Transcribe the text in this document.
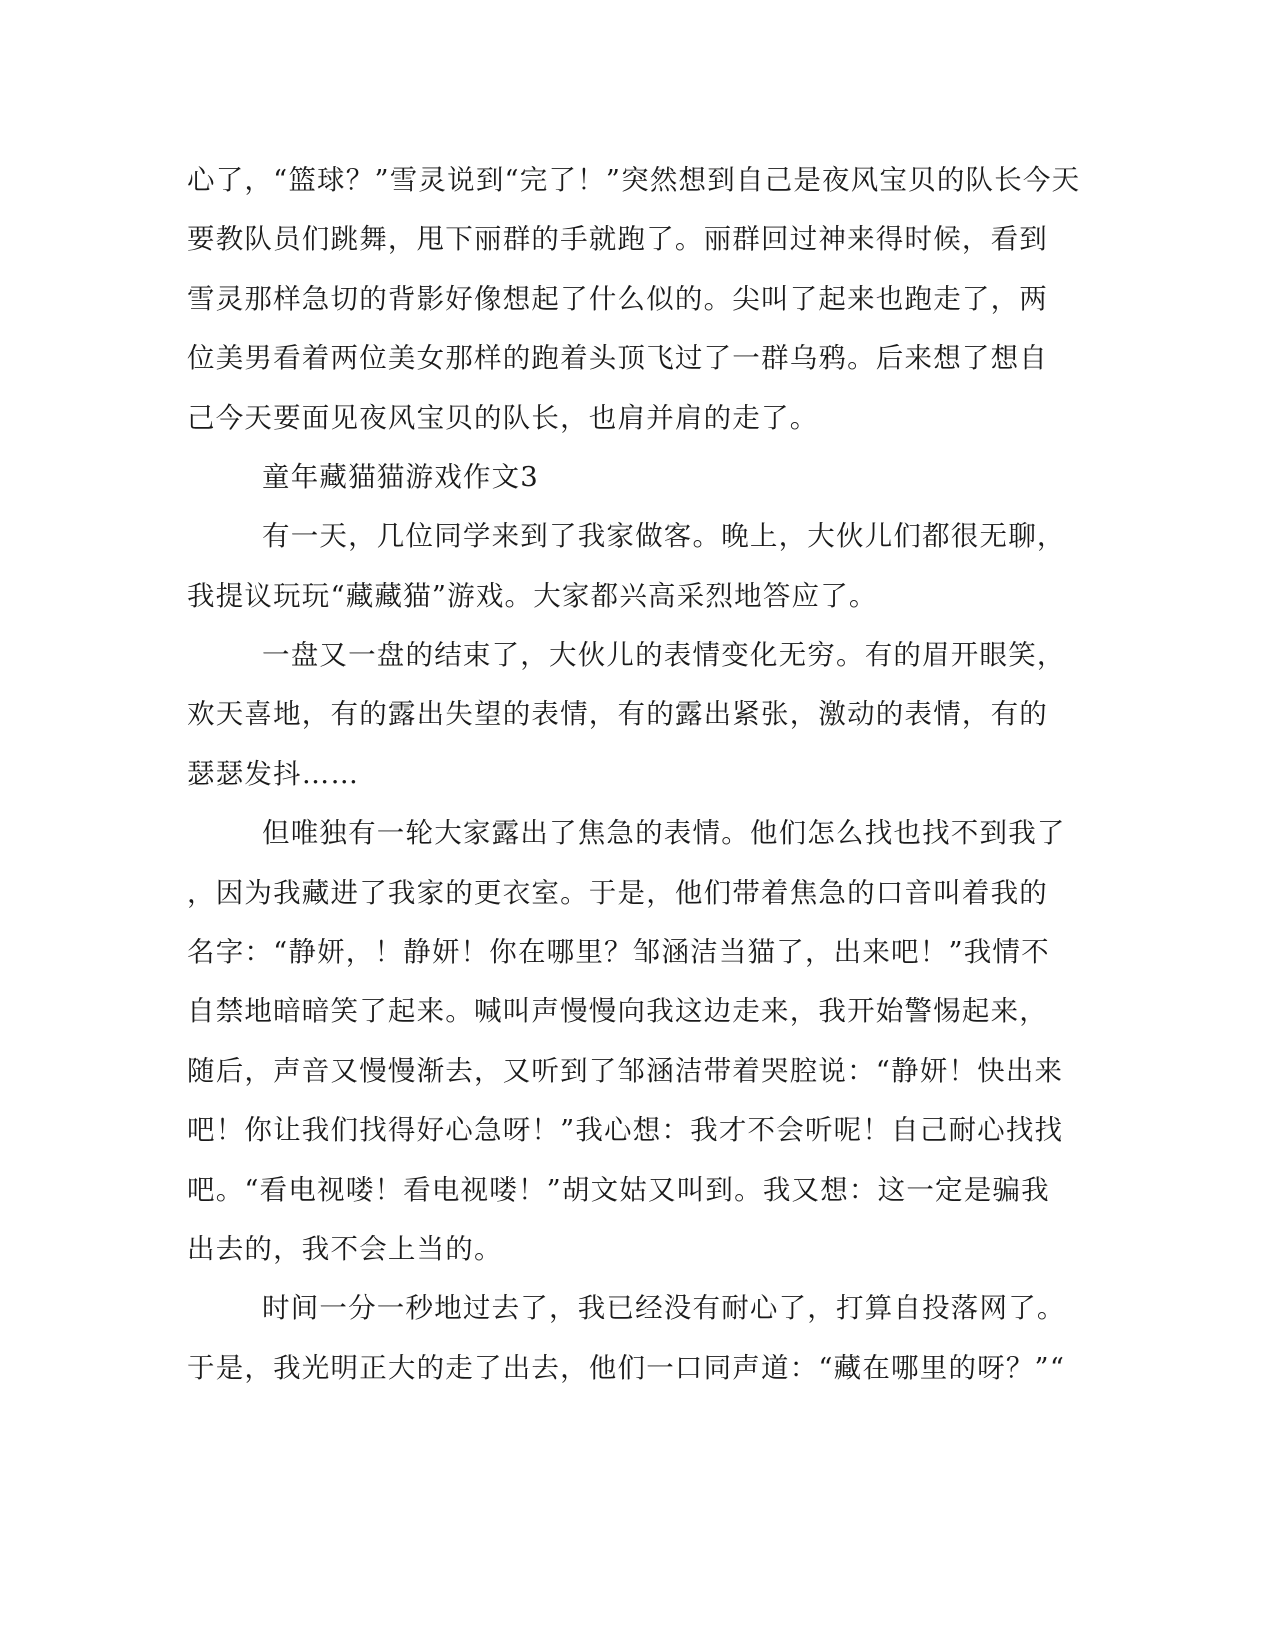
心了，“篮球？”雪灵说到“完了！”突然想到自己是夜风宝贝的队长今天
要教队员们跳舞，甩下丽群的手就跑了。丽群回过神来得时候，看到
雪灵那样急切的背影好像想起了什么似的。尖叫了起来也跑走了，两
位美男看着两位美女那样的跑着头顶飞过了一群乌鸦。后来想了想自
己今天要面见夜风宝贝的队长，也肩并肩的走了。
童年藏猫猫游戏作文3
有一天，几位同学来到了我家做客。晚上，大伙儿们都很无聊，
我提议玩玩“藏藏猫”游戏。大家都兴高采烈地答应了。
一盘又一盘的结束了，大伙儿的表情变化无穷。有的眉开眼笑，
欢天喜地，有的露出失望的表情，有的露出紧张，激动的表情，有的
瑟瑟发抖……
但唯独有一轮大家露出了焦急的表情。他们怎么找也找不到我了
，因为我藏进了我家的更衣室。于是，他们带着焦急的口音叫着我的
名字：“静妍，！静妍！你在哪里？邹涵洁当猫了，出来吧！”我情不
自禁地暗暗笑了起来。喊叫声慢慢向我这边走来，我开始警惕起来，
随后，声音又慢慢渐去，又听到了邹涵洁带着哭腔说：“静妍！快出来
吧！你让我们找得好心急呀！”我心想：我才不会听呢！自己耐心找找
吧。“看电视喽！看电视喽！”胡文姑又叫到。我又想：这一定是骗我
出去的，我不会上当的。
时间一分一秒地过去了，我已经没有耐心了，打算自投落网了。
于是，我光明正大的走了出去，他们一口同声道：“藏在哪里的呀？”“
